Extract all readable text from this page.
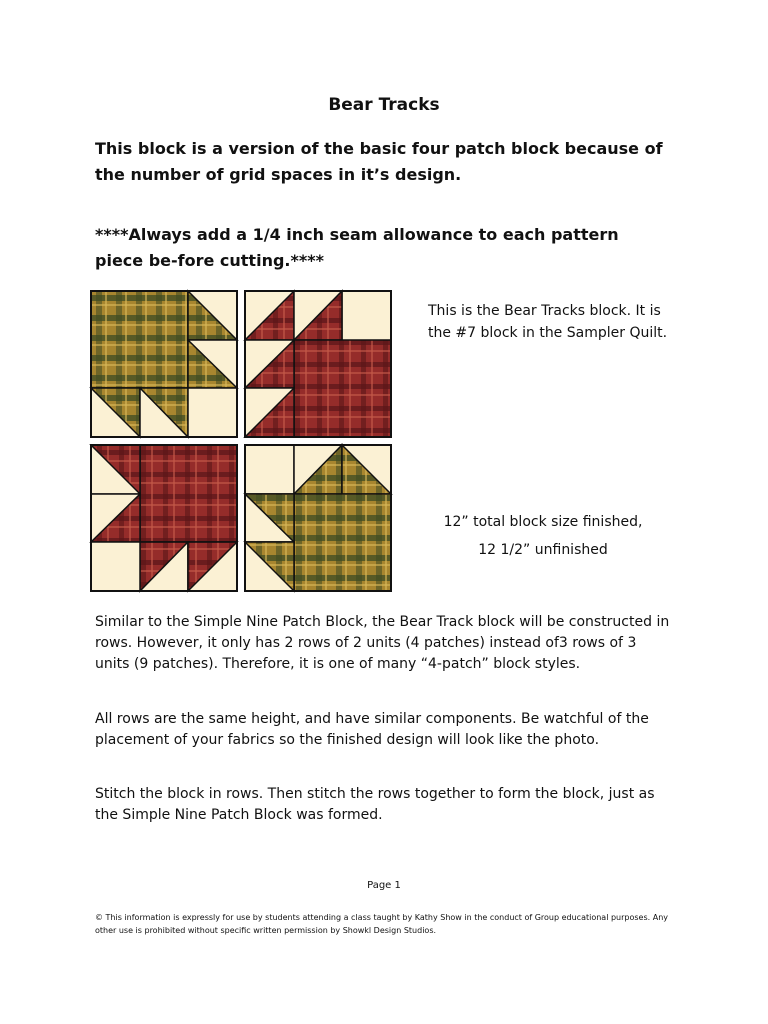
Bear Tracks

This block is a version of the basic four patch block because of the number of grid spaces in it’s design.

****Always add a 1/4 inch seam allowance to each pattern piece be-fore cutting.****

This is the Bear Tracks block. It is the #7 block in the Sampler Quilt.

12” total block size finished,
12 1/2” unfinished

Similar to the Simple Nine Patch Block, the Bear Track block will be constructed in rows. However, it only has 2 rows of 2 units (4 patches) instead of3 rows of 3 units (9 patches). Therefore, it is one of many “4-patch” block styles.

All rows are the same height, and have similar components. Be watchful of the placement of your fabrics so the finished design will look like the photo.

Stitch the block in rows. Then stitch the rows together to form the block, just as the Simple Nine Patch Block was formed.

Page 1

© This information is expressly for use by students attending a class taught by Kathy Show in the conduct of Group educational purposes. Any other use is prohibited without specific written permission by Showkl Design Studios.
